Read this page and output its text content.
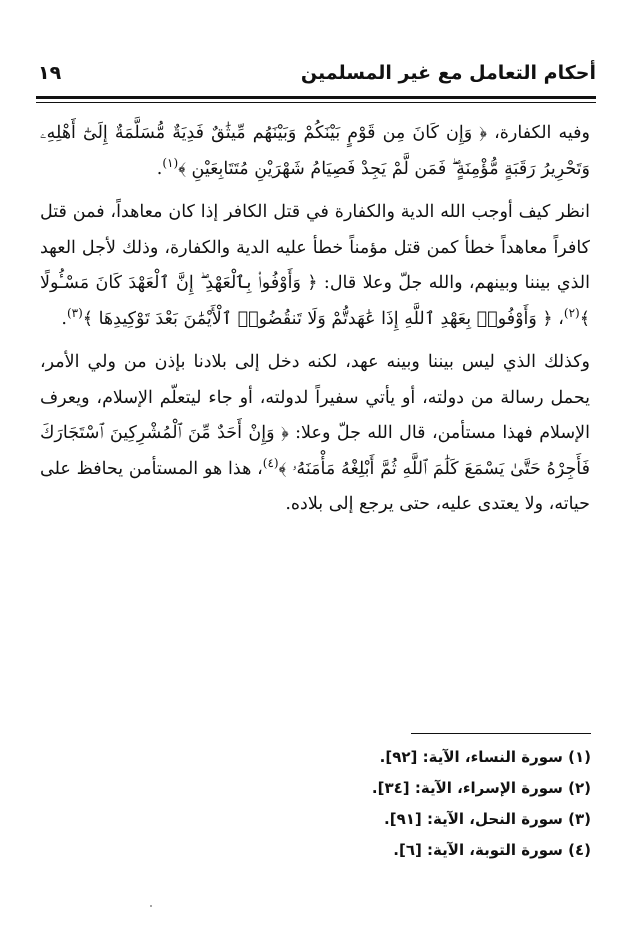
أحكام التعامل مع غير المسلمين
١٩

وفيه الكفارة، ﴿ وَإِن كَانَ مِن قَوْمٍ بَيْنَكُمْ وَبَيْنَهُم مِّيثَٰقٌ فَدِيَةٌ مُّسَلَّمَةٌ إِلَىٰٓ أَهْلِهِۦ وَتَحْرِيرُ رَقَبَةٍ مُّؤْمِنَةٍ ۖ فَمَن لَّمْ يَجِدْ فَصِيَامُ شَهْرَيْنِ مُتَتَابِعَيْنِ ﴾$^{(١)}$.

انظر كيف أوجب الله الدية والكفارة في قتل الكافر إذا كان معاهداً، فمن قتل كافراً معاهداً خطأ كمن قتل مؤمناً خطأ عليه الدية والكفارة، وذلك لأجل العهد الذي بيننا وبينهم، والله جلّ وعلا قال: ﴿ وَأَوْفُوا۟ بِٱلْعَهْدِ ۖ إِنَّ ٱلْعَهْدَ كَانَ مَسْـُٔولًا ﴾$^{(٢)}$، ﴿ وَأَوْفُوا۟ بِعَهْدِ ٱللَّهِ إِذَا عَٰهَدتُّمْ وَلَا تَنقُضُوا۟ ٱلْأَيْمَٰنَ بَعْدَ تَوْكِيدِهَا ﴾$^{(٣)}$.

وكذلك الذي ليس بيننا وبينه عهد، لكنه دخل إلى بلادنا بإذن من ولي الأمر، يحمل رسالة من دولته، أو يأتي سفيراً لدولته، أو جاء ليتعلّم الإسلام، ويعرف الإسلام فهذا مستأمن، قال الله جلّ وعلا: ﴿ وَإِنْ أَحَدٌ مِّنَ ٱلْمُشْرِكِينَ ٱسْتَجَارَكَ فَأَجِرْهُ حَتَّىٰ يَسْمَعَ كَلَٰمَ ٱللَّهِ ثُمَّ أَبْلِغْهُ مَأْمَنَهُۥ ﴾$^{(٤)}$، هذا هو المستأمن يحافظ على حياته، ولا يعتدى عليه، حتى يرجع إلى بلاده.

(١) سورة النساء، الآية: [٩٢].
(٢) سورة الإسراء، الآية: [٣٤].
(٣) سورة النحل، الآية: [٩١].
(٤) سورة التوبة، الآية: [٦].
